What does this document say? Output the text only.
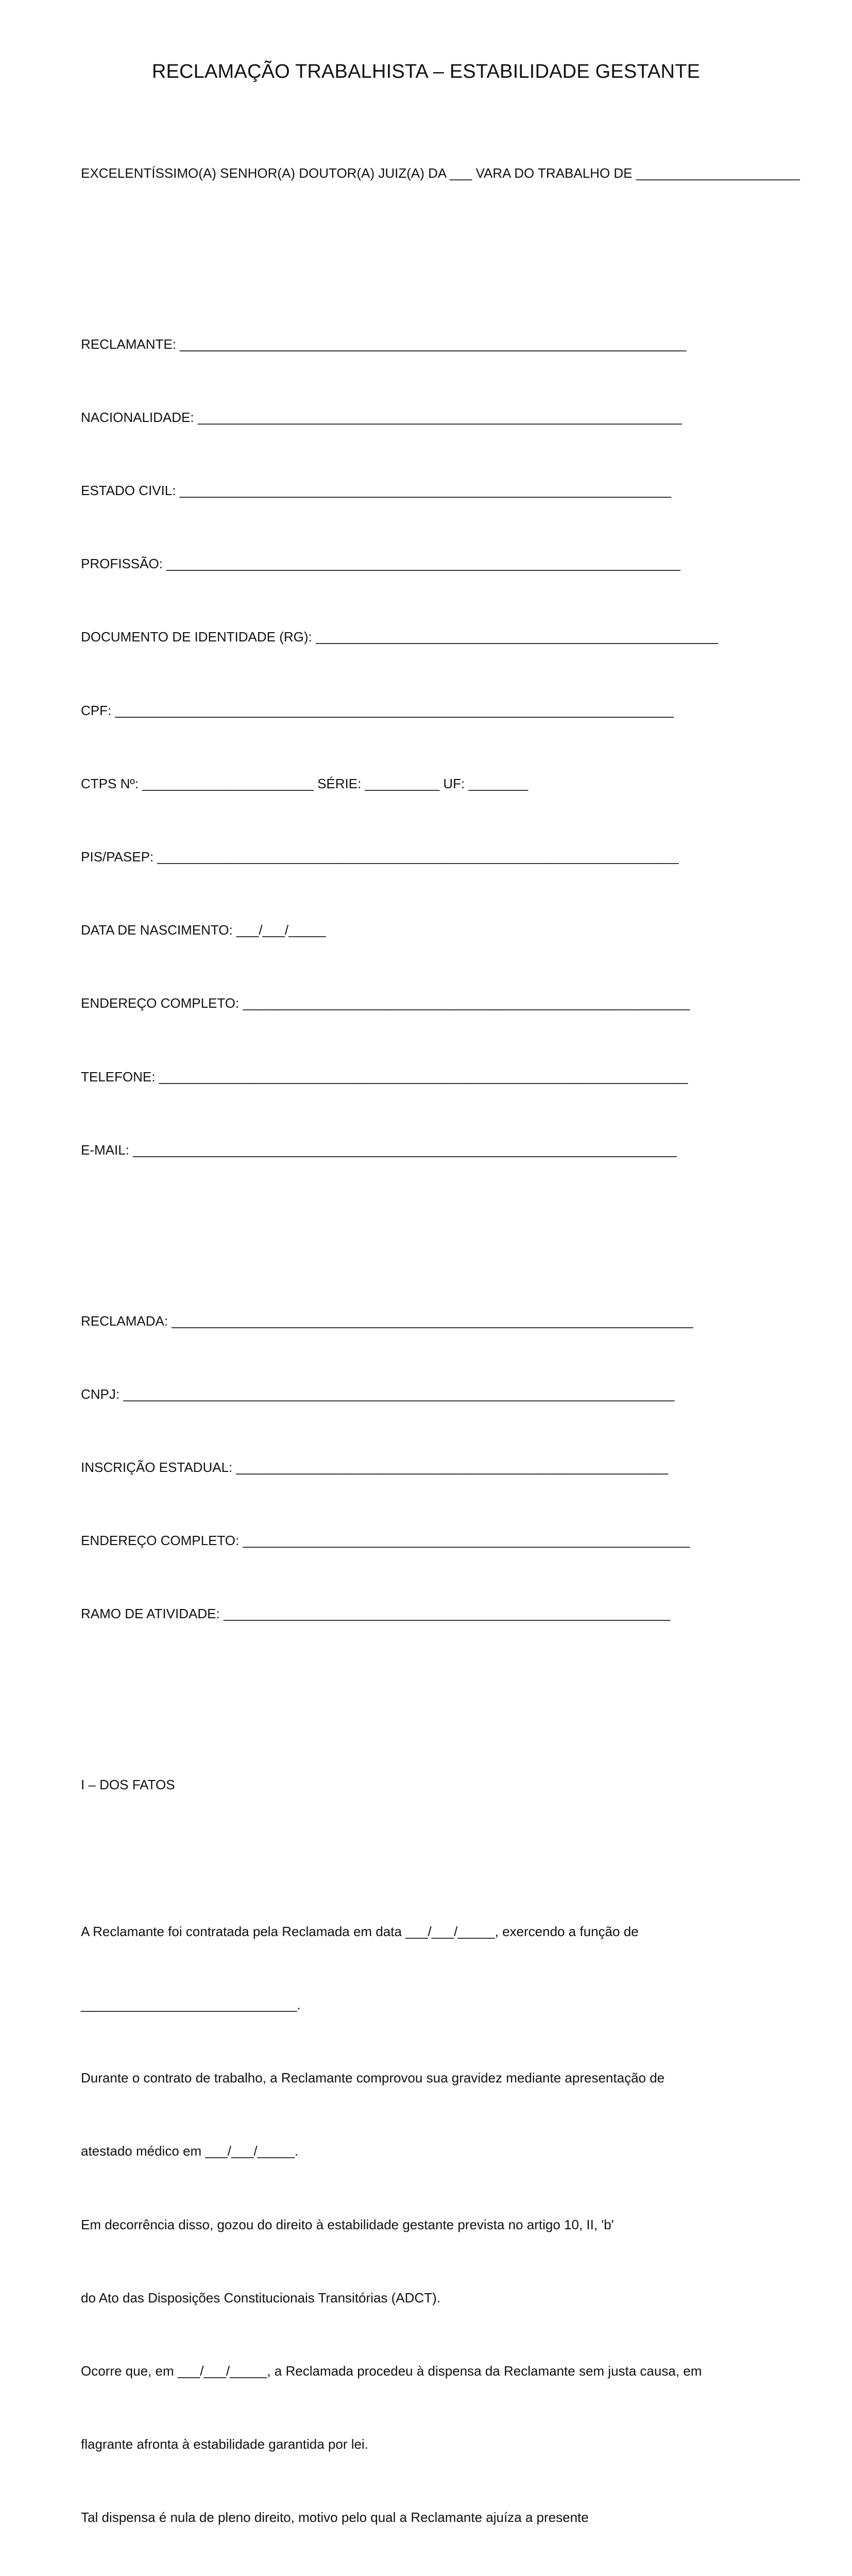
RECLAMAÇÃO TRABALHISTA – ESTABILIDADE GESTANTE

EXCELENTÍSSIMO(A) SENHOR(A) DOUTOR(A) JUIZ(A) DA ___ VARA DO TRABALHO DE ______________________

RECLAMANTE: ____________________________________________________________________

NACIONALIDADE: _________________________________________________________________

ESTADO CIVIL: __________________________________________________________________

PROFISSÃO: _____________________________________________________________________

DOCUMENTO DE IDENTIDADE (RG): ______________________________________________________

CPF: ___________________________________________________________________________

CTPS Nº: _______________________ SÉRIE: __________ UF: ________

PIS/PASEP: ______________________________________________________________________

DATA DE NASCIMENTO: ___/___/_____

ENDEREÇO COMPLETO: ____________________________________________________________

TELEFONE: _______________________________________________________________________

E-MAIL: _________________________________________________________________________

RECLAMADA: ______________________________________________________________________

CNPJ: __________________________________________________________________________

INSCRIÇÃO ESTADUAL: __________________________________________________________

ENDEREÇO COMPLETO: ____________________________________________________________

RAMO DE ATIVIDADE: ____________________________________________________________

I – DOS FATOS

A Reclamante foi contratada pela Reclamada em data ___/___/_____, exercendo a função de

_____________________________.

Durante o contrato de trabalho, a Reclamante comprovou sua gravidez mediante apresentação de

atestado médico em ___/___/_____.

Em decorrência disso, gozou do direito à estabilidade gestante prevista no artigo 10, II, 'b'

do Ato das Disposições Constitucionais Transitórias (ADCT).

Ocorre que, em ___/___/_____, a Reclamada procedeu à dispensa da Reclamante sem justa causa, em

flagrante afronta à estabilidade garantida por lei.

Tal dispensa é nula de pleno direito, motivo pelo qual a Reclamante ajuíza a presente
